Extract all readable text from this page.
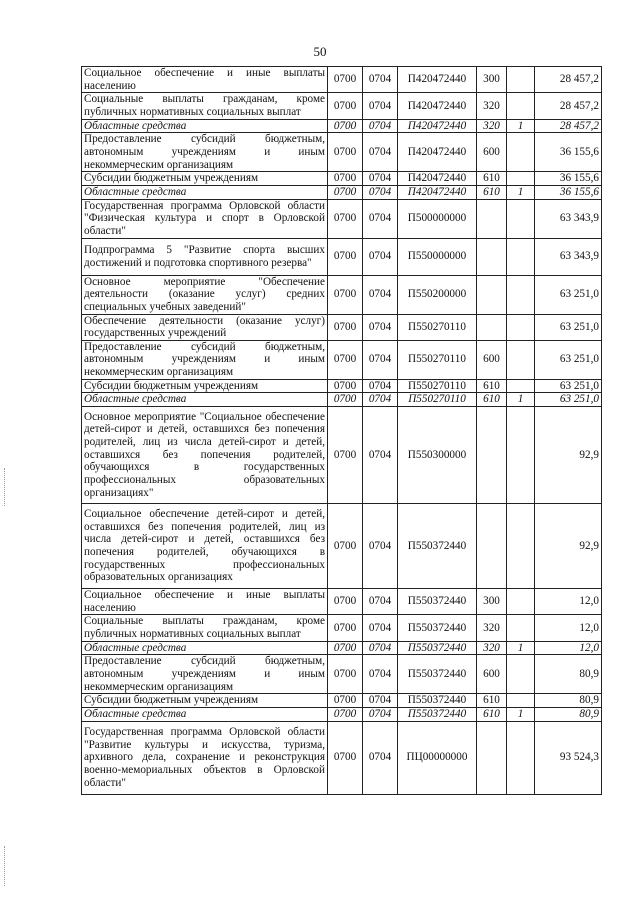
50
Социальное обеспечение и иные выплаты населению	0700	0704	П420472440	300		28 457,2
Социальные выплаты гражданам, кроме публичных нормативных социальных выплат	0700	0704	П420472440	320		28 457,2
Областные средства	0700	0704	П420472440	320	1	28 457,2
Предоставление субсидий бюджетным, автономным учреждениям и иным некоммерческим организациям	0700	0704	П420472440	600		36 155,6
Субсидии бюджетным учреждениям	0700	0704	П420472440	610		36 155,6
Областные средства	0700	0704	П420472440	610	1	36 155,6
Государственная программа Орловской области "Физическая культура и спорт в Орловской области"	0700	0704	П500000000			63 343,9
Подпрограмма 5 "Развитие спорта высших достижений и подготовка спортивного резерва"	0700	0704	П550000000			63 343,9
Основное мероприятие "Обеспечение деятельности (оказание услуг) средних специальных учебных заведений"	0700	0704	П550200000			63 251,0
Обеспечение деятельности (оказание услуг) государственных учреждений	0700	0704	П550270110			63 251,0
Предоставление субсидий бюджетным, автономным учреждениям и иным некоммерческим организациям	0700	0704	П550270110	600		63 251,0
Субсидии бюджетным учреждениям	0700	0704	П550270110	610		63 251,0
Областные средства	0700	0704	П550270110	610	1	63 251,0
Основное мероприятие "Социальное обеспечение детей-сирот и детей, оставшихся без попечения родителей, лиц из числа детей-сирот и детей, оставшихся без попечения родителей, обучающихся в государственных профессиональных образовательных организациях"	0700	0704	П550300000			92,9
Социальное обеспечение детей-сирот и детей, оставшихся без попечения родителей, лиц из числа детей-сирот и детей, оставшихся без попечения родителей, обучающихся в государственных профессиональных образовательных организациях	0700	0704	П550372440			92,9
Социальное обеспечение и иные выплаты населению	0700	0704	П550372440	300		12,0
Социальные выплаты гражданам, кроме публичных нормативных социальных выплат	0700	0704	П550372440	320		12,0
Областные средства	0700	0704	П550372440	320	1	12,0
Предоставление субсидий бюджетным, автономным учреждениям и иным некоммерческим организациям	0700	0704	П550372440	600		80,9
Субсидии бюджетным учреждениям	0700	0704	П550372440	610		80,9
Областные средства	0700	0704	П550372440	610	1	80,9
Государственная программа Орловской области "Развитие культуры и искусства, туризма, архивного дела, сохранение и реконструкция военно-мемориальных объектов в Орловской области"	0700	0704	ПЦ00000000			93 524,3
